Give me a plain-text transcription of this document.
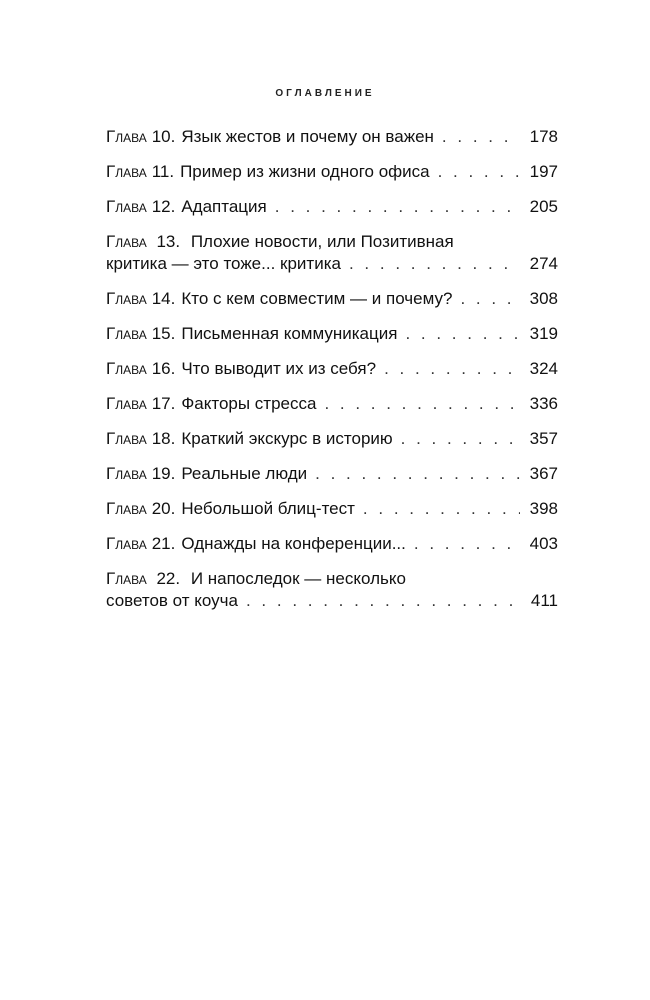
ОГЛАВЛЕНИЕ
Глава 10. Язык жестов и почему он важен . . .	178
Глава 11. Пример из жизни одного офиса . . .	197
Глава 12. Адаптация . . .	205
Глава 13. Плохие новости, или Позитивная
критика — это тоже... критика . . .	274
Глава 14. Кто с кем совместим — и почему? . . .	308
Глава 15. Письменная коммуникация . . .	319
Глава 16. Что выводит их из себя? . . .	324
Глава 17. Факторы стресса . . .	336
Глава 18. Краткий экскурс в историю . . .	357
Глава 19. Реальные люди . . .	367
Глава 20. Небольшой блиц-тест . . .	398
Глава 21. Однажды на конференции... . . .	403
Глава 22. И напоследок — несколько
советов от коуча . . .	411
